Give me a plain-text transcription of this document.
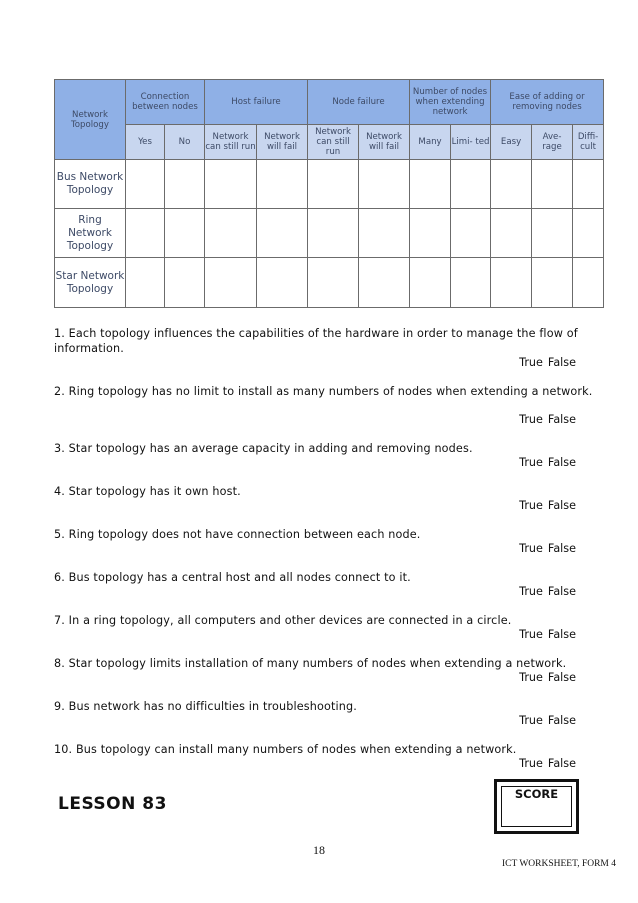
Network Topology	Connection between nodes		Host failure		Node failure		Number of nodes when extending network		Ease of adding or removing nodes		
	Yes	No	Network can still run	Network will fail	Network can still run	Network will fail	Many	Limi- ted	Easy	Ave- rage	Diffi- cult
Bus Network Topology											
Ring Network Topology											
Star Network Topology											
1. Each topology influences the capabilities of the hardware in order to manage the flow of information.
True False
2. Ring topology has no limit to install as many numbers of nodes when extending a network.
True False
3. Star topology has an average capacity in adding and removing nodes.
True False
4. Star topology has it own host.
True False
5. Ring topology does not have connection between each node.
True False
6. Bus topology has a central host and all nodes connect to it.
True False
7. In a ring topology, all computers and other devices are connected in a circle.
True False
8. Star topology limits installation of many numbers of nodes when extending a network.
True False
9. Bus network has no difficulties in troubleshooting.
True False
10. Bus topology can install many numbers of nodes when extending a network.
True False
LESSON 83	SCORE
18
ICT WORKSHEET, FORM 4
